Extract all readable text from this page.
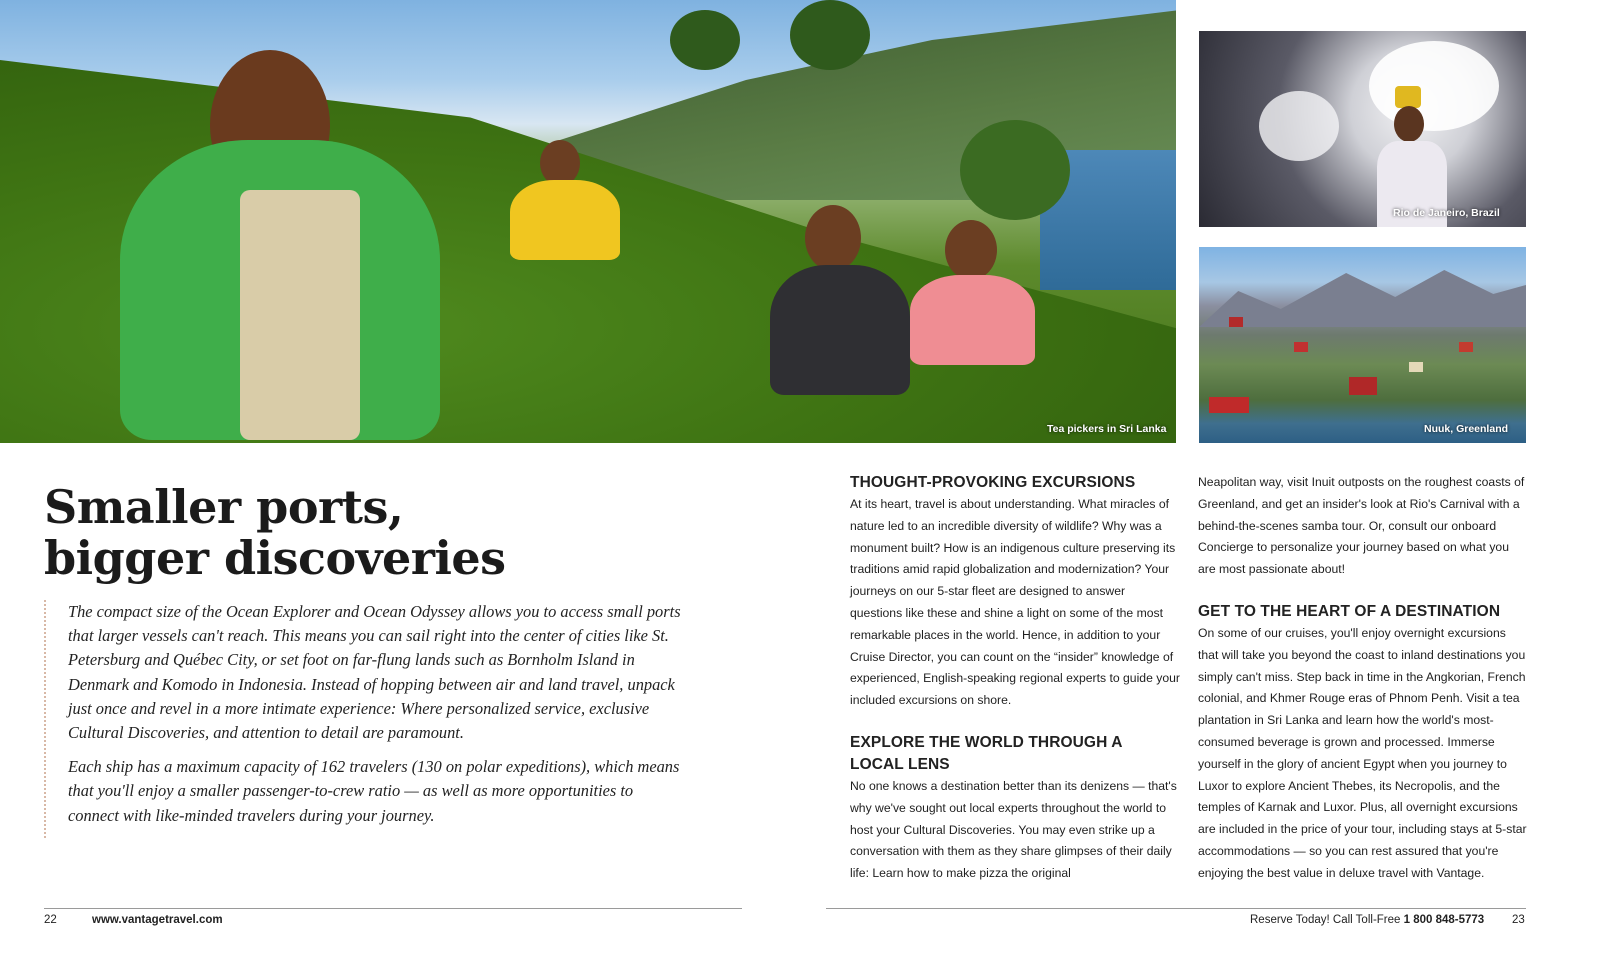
Tea pickers in Sri Lanka
Rio de Janeiro, Brazil
Nuuk, Greenland
Smaller ports,
bigger discoveries

The compact size of the Ocean Explorer and Ocean Odyssey allows you to access small ports that larger vessels can't reach. This means you can sail right into the center of cities like St. Petersburg and Québec City, or set foot on far-flung lands such as Bornholm Island in Denmark and Komodo in Indonesia. Instead of hopping between air and land travel, unpack just once and revel in a more intimate experience: Where personalized service, exclusive Cultural Discoveries, and attention to detail are paramount.

Each ship has a maximum capacity of 162 travelers (130 on polar expeditions), which means that you'll enjoy a smaller passenger-to-crew ratio — as well as more opportunities to connect with like-minded travelers during your journey.

THOUGHT-PROVOKING EXCURSIONS

At its heart, travel is about understanding. What miracles of nature led to an incredible diversity of wildlife? Why was a monument built? How is an indigenous culture preserving its traditions amid rapid globalization and modernization? Your journeys on our 5-star fleet are designed to answer questions like these and shine a light on some of the most remarkable places in the world. Hence, in addition to your Cruise Director, you can count on the “insider” knowledge of experienced, English-speaking regional experts to guide your included excursions on shore.

EXPLORE THE WORLD THROUGH A LOCAL LENS

No one knows a destination better than its denizens — that's why we've sought out local experts throughout the world to host your Cultural Discoveries. You may even strike up a conversation with them as they share glimpses of their daily life: Learn how to make pizza the original

Neapolitan way, visit Inuit outposts on the roughest coasts of Greenland, and get an insider's look at Rio's Carnival with a behind-the-scenes samba tour. Or, consult our onboard Concierge to personalize your journey based on what you are most passionate about!

GET TO THE HEART OF A DESTINATION

On some of our cruises, you'll enjoy overnight excursions that will take you beyond the coast to inland destinations you simply can't miss. Step back in time in the Angkorian, French colonial, and Khmer Rouge eras of Phnom Penh. Visit a tea plantation in Sri Lanka and learn how the world's most-consumed beverage is grown and processed. Immerse yourself in the glory of ancient Egypt when you journey to Luxor to explore Ancient Thebes, its Necropolis, and the temples of Karnak and Luxor. Plus, all overnight excursions are included in the price of your tour, including stays at 5-star accommodations — so you can rest assured that you're enjoying the best value in deluxe travel with Vantage.

22	www.vantagetravel.com	Reserve Today! Call Toll-Free 1 800 848-5773 23
